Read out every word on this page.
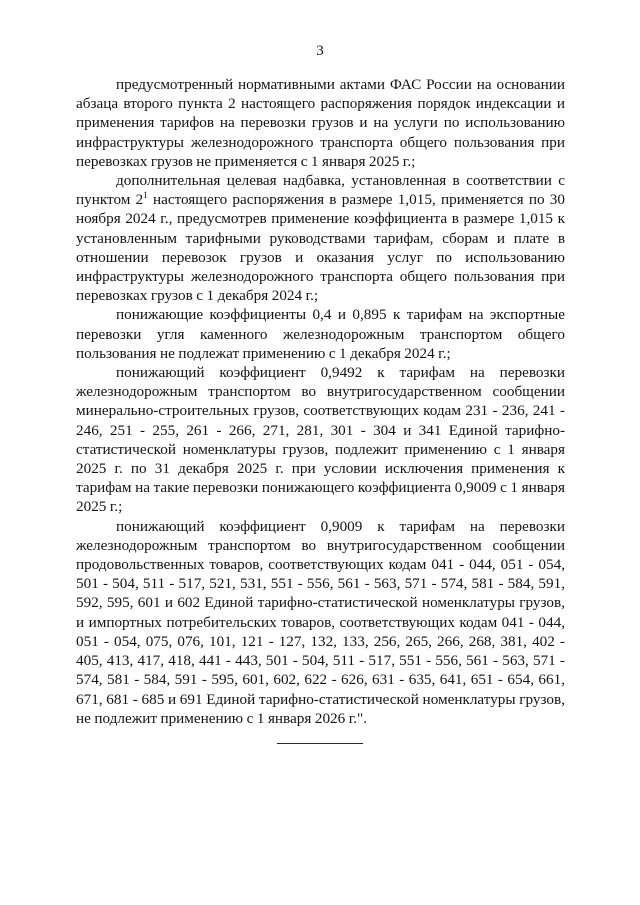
3

предусмотренный нормативными актами ФАС России на основании абзаца второго пункта 2 настоящего распоряжения порядок индексации и применения тарифов на перевозки грузов и на услуги по использованию инфраструктуры железнодорожного транспорта общего пользования при перевозках грузов не применяется с 1 января 2025 г.;

дополнительная целевая надбавка, установленная в соответствии с пунктом $2^1$ настоящего распоряжения в размере 1,015, применяется по 30 ноября 2024 г., предусмотрев применение коэффициента в размере 1,015 к установленным тарифными руководствами тарифам, сборам и плате в отношении перевозок грузов и оказания услуг по использованию инфраструктуры железнодорожного транспорта общего пользования при перевозках грузов с 1 декабря 2024 г.;

понижающие коэффициенты 0,4 и 0,895 к тарифам на экспортные перевозки угля каменного железнодорожным транспортом общего пользования не подлежат применению с 1 декабря 2024 г.;

понижающий коэффициент 0,9492 к тарифам на перевозки железнодорожным транспортом во внутригосударственном сообщении минерально-строительных грузов, соответствующих кодам 231 - 236, 241 - 246, 251 - 255, 261 - 266, 271, 281, 301 - 304 и 341 Единой тарифно-статистической номенклатуры грузов, подлежит применению с 1 января 2025 г. по 31 декабря 2025 г. при условии исключения применения к тарифам на такие перевозки понижающего коэффициента 0,9009 с 1 января 2025 г.;

понижающий коэффициент 0,9009 к тарифам на перевозки железнодорожным транспортом во внутригосударственном сообщении продовольственных товаров, соответствующих кодам 041 - 044, 051 - 054, 501 - 504, 511 - 517, 521, 531, 551 - 556, 561 - 563, 571 - 574, 581 - 584, 591, 592, 595, 601 и 602 Единой тарифно-статистической номенклатуры грузов, и импортных потребительских товаров, соответствующих кодам 041 - 044, 051 - 054, 075, 076, 101, 121 - 127, 132, 133, 256, 265, 266, 268, 381, 402 - 405, 413, 417, 418, 441 - 443, 501 - 504, 511 - 517, 551 - 556, 561 - 563, 571 - 574, 581 - 584, 591 - 595, 601, 602, 622 - 626, 631 - 635, 641, 651 - 654, 661, 671, 681 - 685 и 691 Единой тарифно-статистической номенклатуры грузов, не подлежит применению с 1 января 2026 г.".
